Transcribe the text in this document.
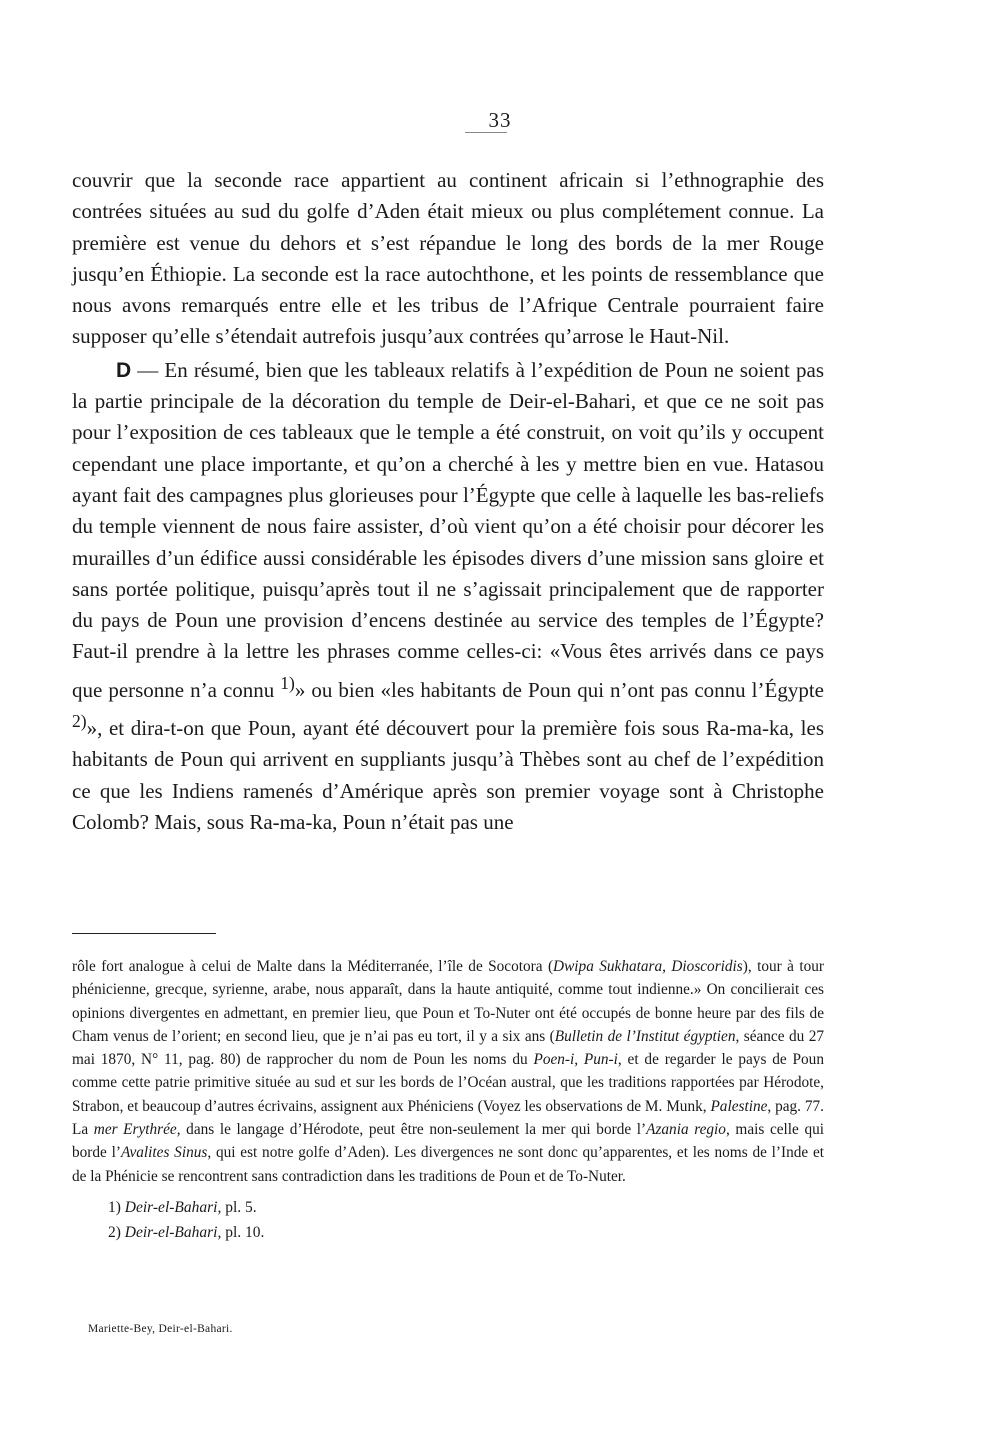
33

couvrir que la seconde race appartient au continent africain si l’ethnographie des contrées situées au sud du golfe d’Aden était mieux ou plus complétement connue. La première est venue du dehors et s’est répandue le long des bords de la mer Rouge jusqu’en Éthiopie. La seconde est la race autochthone, et les points de ressemblance que nous avons remarqués entre elle et les tribus de l’Afrique Centrale pourraient faire supposer qu’elle s’étendait autrefois jusqu’aux contrées qu’arrose le Haut-Nil.

D — En résumé, bien que les tableaux relatifs à l’expédition de Poun ne soient pas la partie principale de la décoration du temple de Deir-el-Bahari, et que ce ne soit pas pour l’exposition de ces tableaux que le temple a été construit, on voit qu’ils y occupent cependant une place importante, et qu’on a cherché à les y mettre bien en vue. Hatasou ayant fait des campagnes plus glorieuses pour l’Égypte que celle à laquelle les bas-reliefs du temple viennent de nous faire assister, d’où vient qu’on a été choisir pour décorer les murailles d’un édifice aussi considérable les épisodes divers d’une mission sans gloire et sans portée politique, puisqu’après tout il ne s’agissait principalement que de rapporter du pays de Poun une provision d’encens destinée au service des temples de l’Égypte? Faut-il prendre à la lettre les phrases comme celles-ci: «Vous êtes arrivés dans ce pays que personne n’a connu $^{1)}$» ou bien «les habitants de Poun qui n’ont pas connu l’Égypte $^{2)}$», et dira-t-on que Poun, ayant été découvert pour la première fois sous Ra-ma-ka, les habitants de Poun qui arrivent en suppliants jusqu’à Thèbes sont au chef de l’expédition ce que les Indiens ramenés d’Amérique après son premier voyage sont à Christophe Colomb? Mais, sous Ra-ma-ka, Poun n’était pas une

rôle fort analogue à celui de Malte dans la Méditerranée, l’île de Socotora (Dwipa Sukhatara, Dioscoridis), tour à tour phénicienne, grecque, syrienne, arabe, nous apparaît, dans la haute antiquité, comme tout indienne.» On concilierait ces opinions divergentes en admettant, en premier lieu, que Poun et To-Nuter ont été occupés de bonne heure par des fils de Cham venus de l’orient; en second lieu, que je n’ai pas eu tort, il y a six ans (Bulletin de l’Institut égyptien, séance du 27 mai 1870, N° 11, pag. 80) de rapprocher du nom de Poun les noms du Poen-i, Pun-i, et de regarder le pays de Poun comme cette patrie primitive située au sud et sur les bords de l’Océan austral, que les traditions rapportées par Hérodote, Strabon, et beaucoup d’autres écrivains, assignent aux Phéniciens (Voyez les observations de M. Munk, Palestine, pag. 77. La mer Erythrée, dans le langage d’Hérodote, peut être non-seulement la mer qui borde l’Azania regio, mais celle qui borde l’Avalites Sinus, qui est notre golfe d’Aden). Les divergences ne sont donc qu’apparentes, et les noms de l’Inde et de la Phénicie se rencontrent sans contradiction dans les traditions de Poun et de To-Nuter.

1) Deir-el-Bahari, pl. 5.
2) Deir-el-Bahari, pl. 10.
Mariette-Bey, Deir-el-Bahari.
